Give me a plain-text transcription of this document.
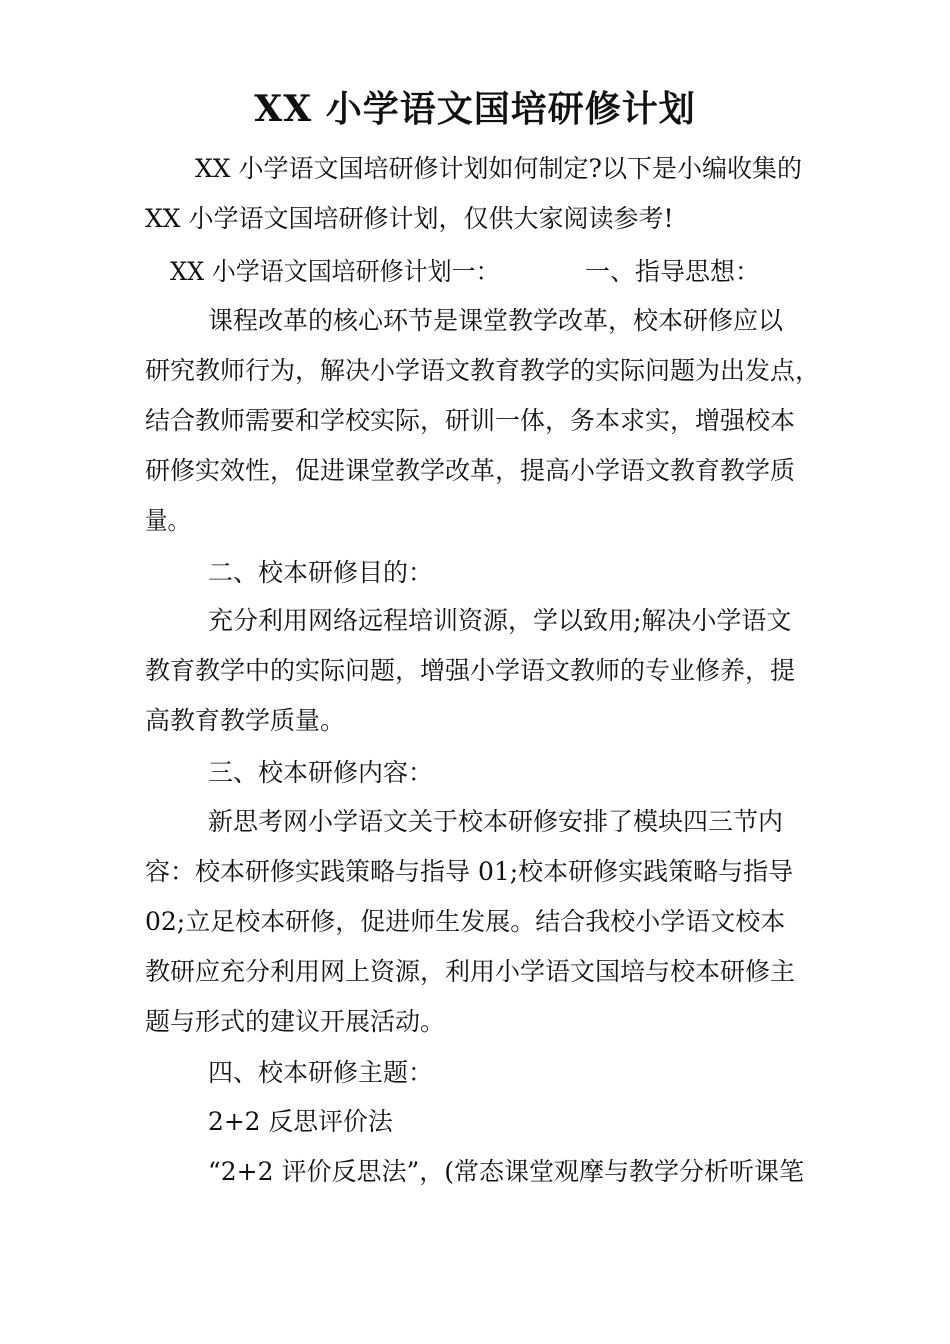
XX 小学语文国培研修计划
XX 小学语文国培研修计划如何制定?以下是小编收集的
XX 小学语文国培研修计划，仅供大家阅读参考!
XX 小学语文国培研修计划一：	一、指导思想：
课程改革的核心环节是课堂教学改革，校本研修应以
研究教师行为，解决小学语文教育教学的实际问题为出发点，
结合教师需要和学校实际，研训一体，务本求实，增强校本
研修实效性，促进课堂教学改革，提高小学语文教育教学质
量。
二、校本研修目的：
充分利用网络远程培训资源，学以致用;解决小学语文
教育教学中的实际问题，增强小学语文教师的专业修养，提
高教育教学质量。
三、校本研修内容：
新思考网小学语文关于校本研修安排了模块四三节内
容：校本研修实践策略与指导 01;校本研修实践策略与指导
02;立足校本研修，促进师生发展。结合我校小学语文校本
教研应充分利用网上资源，利用小学语文国培与校本研修主
题与形式的建议开展活动。
四、校本研修主题：
2+2 反思评价法
“2+2 评价反思法”，(常态课堂观摩与教学分析听课笔
